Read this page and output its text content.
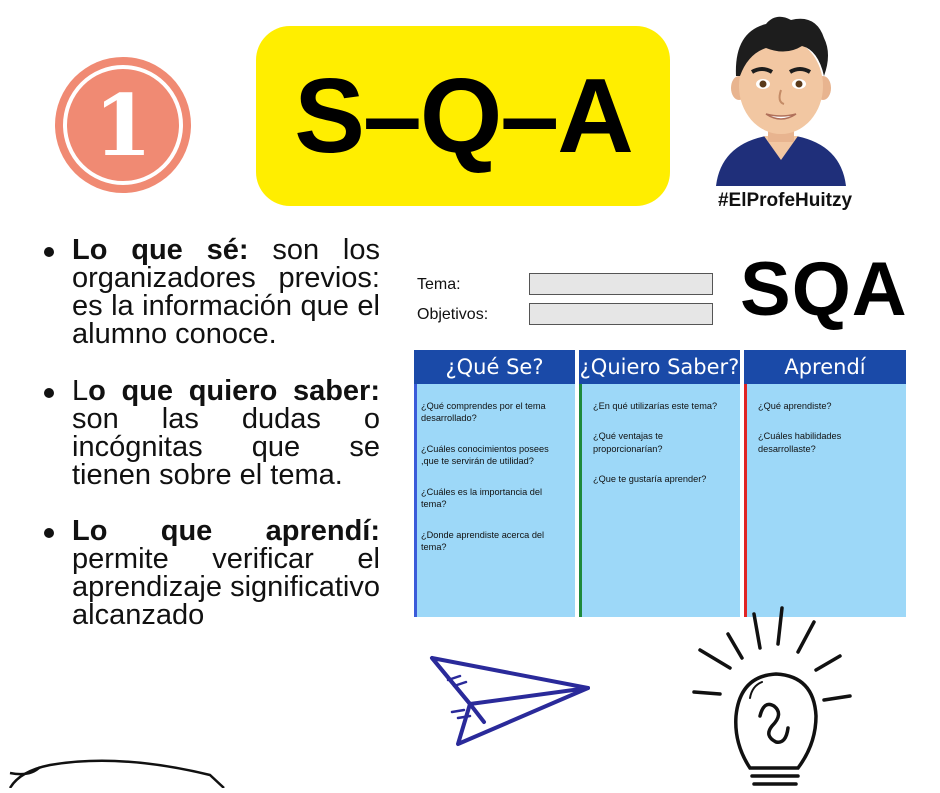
1 S–Q–A
#ElProfeHuitzy
Lo que sé: son los organizadores previos: es la información que el alumno conoce.
Lo que quiero saber: son las dudas o incógnitas que se tienen sobre el tema.
Lo que aprendí: permite verificar el aprendizaje significativo alcanzado
Tema:
Objetivos:	SQA
¿Qué Se?
¿Qué comprendes por el tema desarrollado?
¿Cuáles conocimientos posees ,que te servirán de utilidad?
¿Cuáles es la importancia del tema?
¿Donde aprendiste acerca del tema?
¿Quiero Saber?
¿En qué utilizarías este tema?
¿Qué ventajas te proporcionarían?
¿Que te gustaría aprender?
Aprendí
¿Qué aprendiste?
¿Cuáles habilidades desarrollaste?
